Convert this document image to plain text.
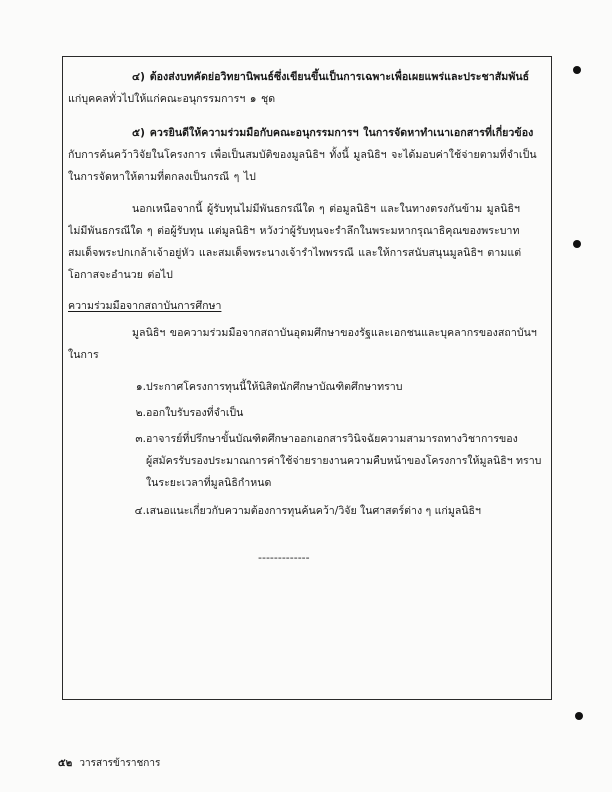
๔) ต้องส่งบทคัดย่อวิทยานิพนธ์ซึ่งเขียนขึ้นเป็นการเฉพาะเพื่อเผยแพร่และประชาสัมพันธ์
แก่บุคคลทั่วไปให้แก่คณะอนุกรรมการฯ ๑ ชุด
๕) ควรยินดีให้ความร่วมมือกับคณะอนุกรรมการฯ ในการจัดหาทำเนาเอกสารที่เกี่ยวข้อง
กับการค้นคว้าวิจัยในโครงการ เพื่อเป็นสมบัติของมูลนิธิฯ ทั้งนี้ มูลนิธิฯ จะได้มอบค่าใช้จ่ายตามที่จำเป็น
ในการจัดหาให้ตามที่ตกลงเป็นกรณี ๆ ไป
นอกเหนือจากนี้ ผู้รับทุนไม่มีพันธกรณีใด ๆ ต่อมูลนิธิฯ และในทางตรงกันข้าม มูลนิธิฯ
ไม่มีพันธกรณีใด ๆ ต่อผู้รับทุน แต่มูลนิธิฯ หวังว่าผู้รับทุนจะรำลึกในพระมหากรุณาธิคุณของพระบาท
สมเด็จพระปกเกล้าเจ้าอยู่หัว และสมเด็จพระนางเจ้ารำไพพรรณี และให้การสนับสนุนมูลนิธิฯ ตามแต่
โอกาสจะอำนวย ต่อไป
ความร่วมมือจากสถาบันการศึกษา
มูลนิธิฯ ขอความร่วมมือจากสถาบันอุดมศึกษาของรัฐและเอกชนและบุคลากรของสถาบันฯ
ในการ
๑. ประกาศโครงการทุนนี้ให้นิสิตนักศึกษาบัณฑิตศึกษาทราบ
๒. ออกใบรับรองที่จำเป็น
๓. อาจารย์ที่ปรึกษาขั้นบัณฑิตศึกษาออกเอกสารวินิจฉัยความสามารถทางวิชาการของ
ผู้สมัครรับรองประมาณการค่าใช้จ่ายรายงานความคืบหน้าของโครงการให้มูลนิธิฯ ทราบ
ในระยะเวลาที่มูลนิธิกำหนด
๔. เสนอแนะเกี่ยวกับความต้องการทุนค้นคว้า/วิจัย ในศาสตร์ต่าง ๆ แก่มูลนิธิฯ
-------------
๕๒ วารสารข้าราชการ
